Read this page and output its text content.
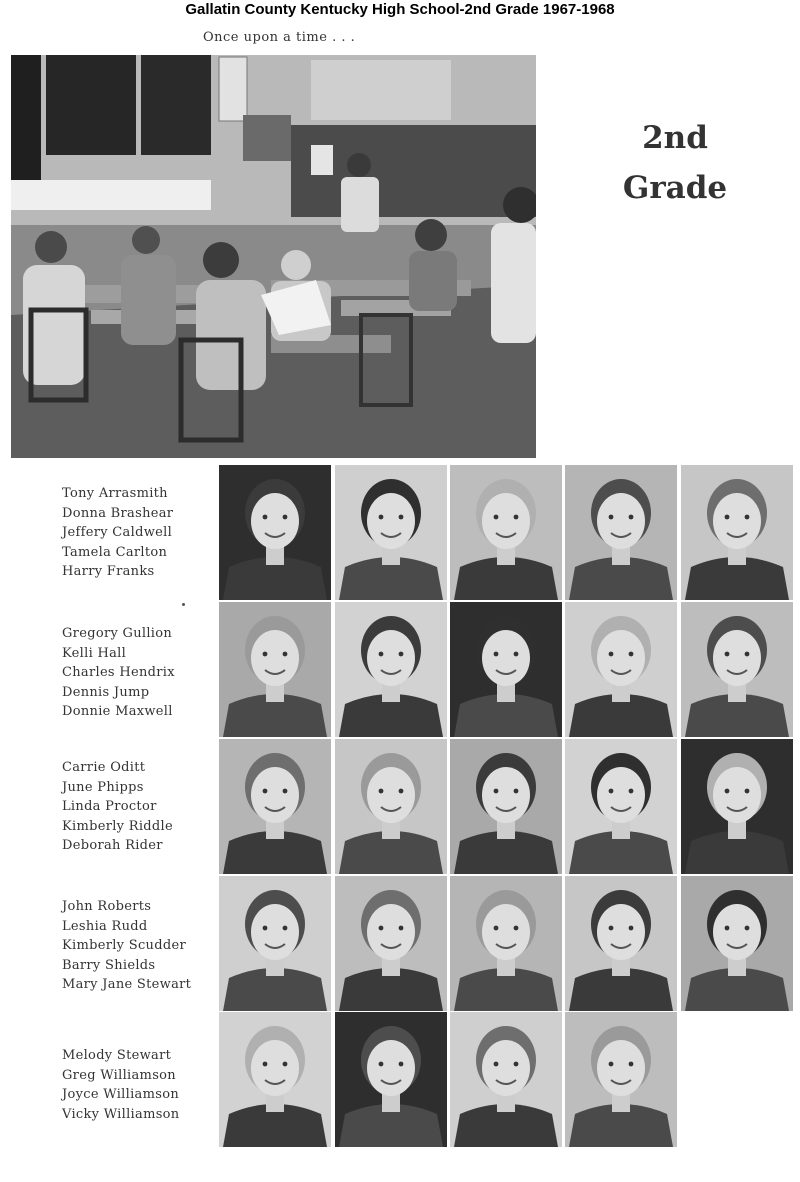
Gallatin County Kentucky High School-2nd Grade 1967-1968
Once upon a time . . .
2nd
Grade
Tony Arrasmith
Donna Brashear
Jeffery Caldwell
Tamela Carlton
Harry Franks
Gregory Gullion
Kelli Hall
Charles Hendrix
Dennis Jump
Donnie Maxwell
Carrie Oditt
June Phipps
Linda Proctor
Kimberly Riddle
Deborah Rider
John Roberts
Leshia Rudd
Kimberly Scudder
Barry Shields
Mary Jane Stewart
Melody Stewart
Greg Williamson
Joyce Williamson
Vicky Williamson
